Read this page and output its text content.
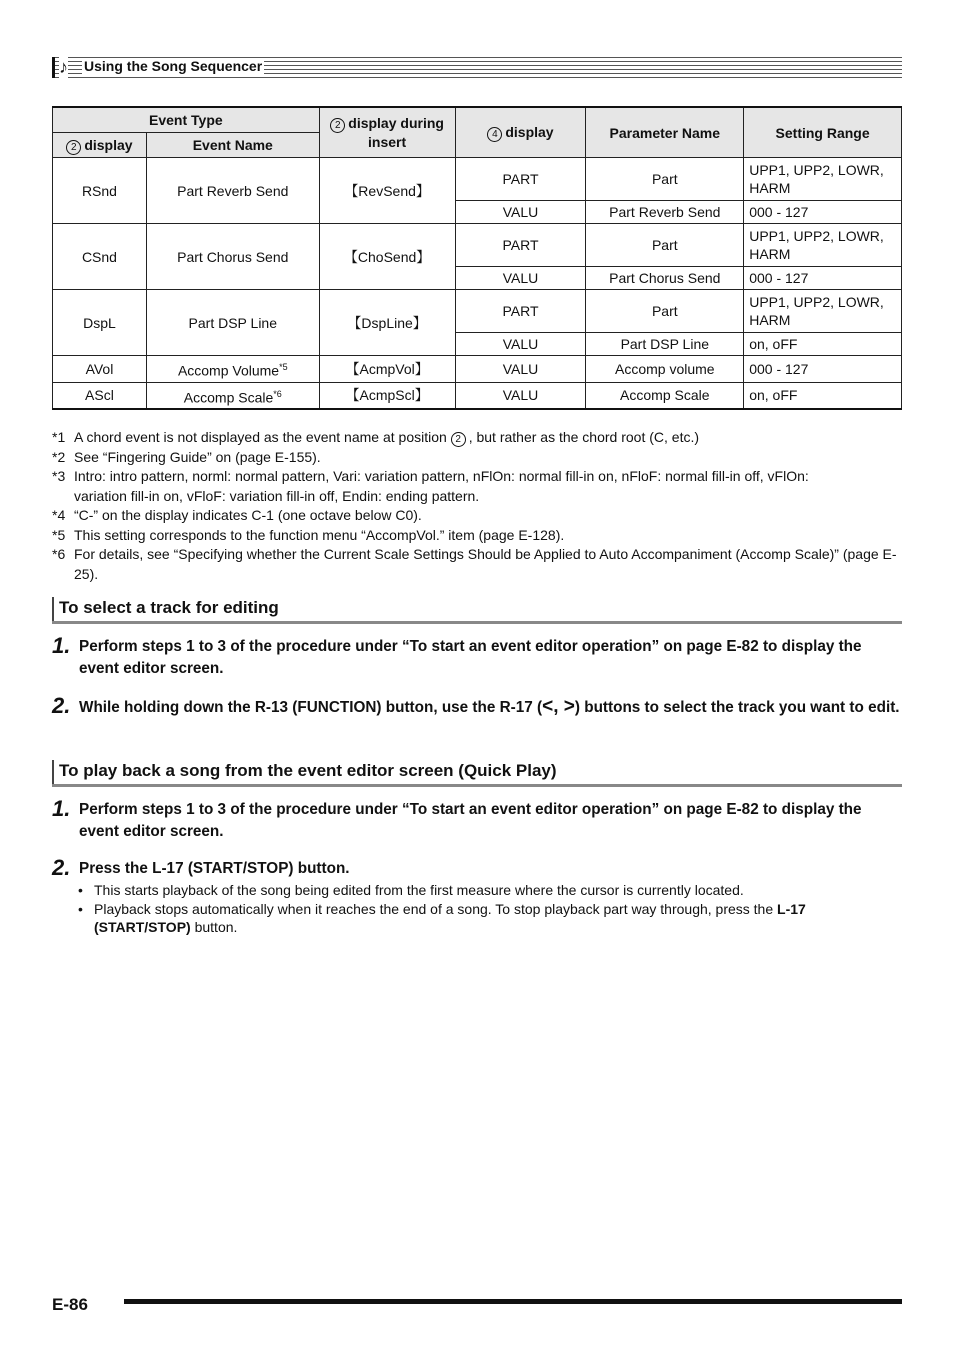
♪ Using the Song Sequencer
Event Type		2 display during insert	4 display	Parameter Name	Setting Range
2 display	Event Name				
RSnd	Part Reverb Send	【RevSend】	PART	Part	UPP1, UPP2, LOWR, HARM
			VALU	Part Reverb Send	000 - 127
CSnd	Part Chorus Send	【ChoSend】	PART	Part	UPP1, UPP2, LOWR, HARM
			VALU	Part Chorus Send	000 - 127
DspL	Part DSP Line	【DspLine】	PART	Part	UPP1, UPP2, LOWR, HARM
			VALU	Part DSP Line	on, oFF
AVol	Accomp Volume$^{*5}$	【AcmpVol】	VALU	Accomp volume	000 - 127
AScl	Accomp Scale$^{*6}$	【AcmpScl】	VALU	Accomp Scale	on, oFF
*1 A chord event is not displayed as the event name at position 2 , but rather as the chord root (C, etc.)
*2 See “Fingering Guide” on (page E-155).
*3 Intro: intro pattern, norml: normal pattern, Vari: variation pattern, nFlOn: normal fill-in on, nFloF: normal fill-in off, vFlOn: variation fill-in on, vFloF: variation fill-in off, Endin: ending pattern.
*4 “C-” on the display indicates C-1 (one octave below C0).
*5 This setting corresponds to the function menu “AccompVol.” item (page E-128).
*6 For details, see “Specifying whether the Current Scale Settings Should be Applied to Auto Accompaniment (Accomp Scale)” (page E-25).
To select a track for editing
1. Perform steps 1 to 3 of the procedure under “To start an event editor operation” on page E-82 to display the event editor screen.
2. While holding down the R-13 (FUNCTION) button, use the R-17 (<, >) buttons to select the track you want to edit.
To play back a song from the event editor screen (Quick Play)
1. Perform steps 1 to 3 of the procedure under “To start an event editor operation” on page E-82 to display the event editor screen.
2. Press the L-17 (START/STOP) button.
• This starts playback of the song being edited from the first measure where the cursor is currently located.
• Playback stops automatically when it reaches the end of a song. To stop playback part way through, press the L-17 (START/STOP) button.
E-86
